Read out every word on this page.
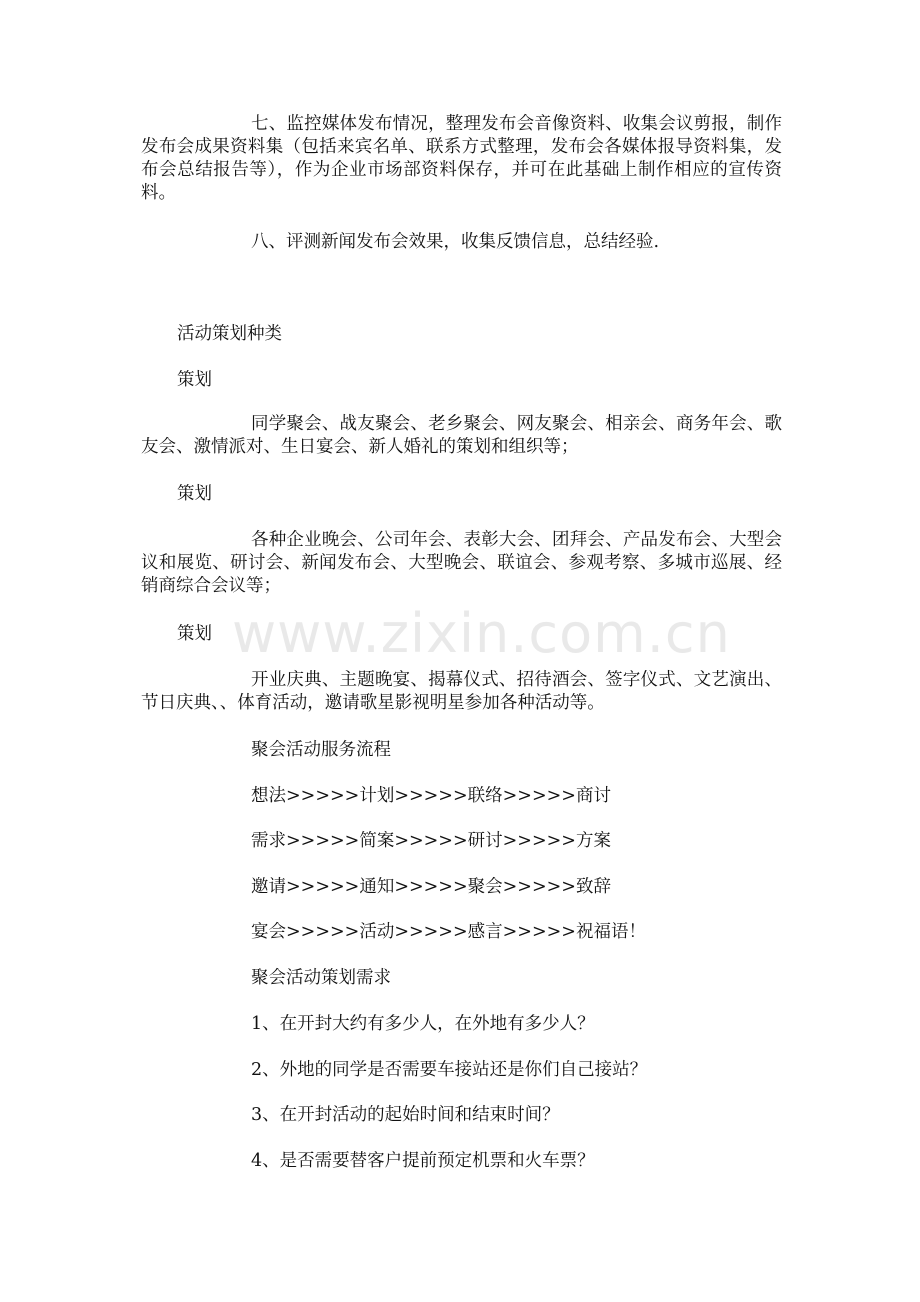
七、监控媒体发布情况，整理发布会音像资料、收集会议剪报，制作发布会成果资料集（包括来宾名单、联系方式整理，发布会各媒体报导资料集，发布会总结报告等），作为企业市场部资料保存，并可在此基础上制作相应的宣传资料。

八、评测新闻发布会效果，收集反馈信息，总结经验.

活动策划种类

策划

同学聚会、战友聚会、老乡聚会、网友聚会、相亲会、商务年会、歌友会、激情派对、生日宴会、新人婚礼的策划和组织等；

策划

各种企业晚会、公司年会、表彰大会、团拜会、产品发布会、大型会议和展览、研讨会、新闻发布会、大型晚会、联谊会、参观考察、多城市巡展、经销商综合会议等；

策划

开业庆典、主题晚宴、揭幕仪式、招待酒会、签字仪式、文艺演出、节日庆典、、体育活动，邀请歌星影视明星参加各种活动等。

聚会活动服务流程

想法>>>>>计划>>>>>联络>>>>>商讨

需求>>>>>简案>>>>>研讨>>>>>方案

邀请>>>>>通知>>>>>聚会>>>>>致辞

宴会>>>>>活动>>>>>感言>>>>>祝福语！

聚会活动策划需求

1、在开封大约有多少人，在外地有多少人？

2、外地的同学是否需要车接站还是你们自己接站？

3、在开封活动的起始时间和结束时间？

4、是否需要替客户提前预定机票和火车票？

www.zixin.com.cn
